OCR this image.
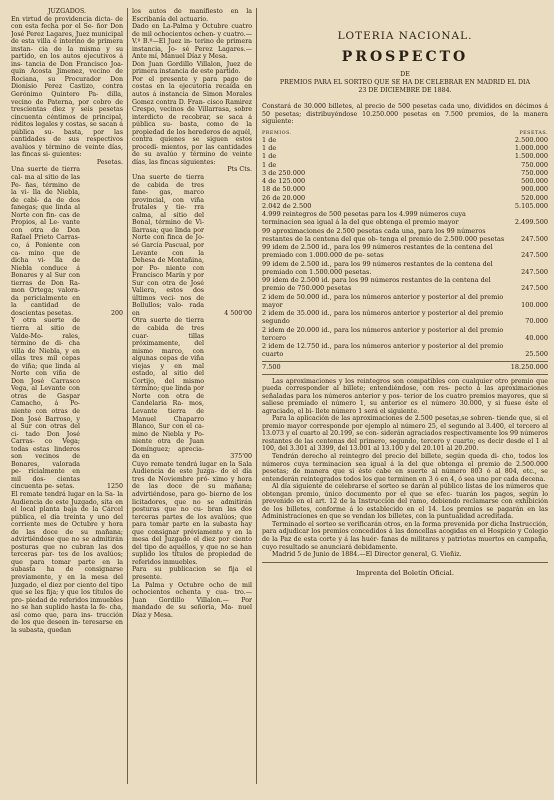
JUZGADOS.

En virtud de providencia dicta- de con esta fecha por el Se- ñor Don José Perez Lagares, Juez municipal de esta villa é interino de primera instan- cia de la misma y su partido, en los autos ejecutivos á ins- tancia de Don Francisco Joa- quin Acosta Jimenez, vecino de Rociana, su Procurador Don Dionisio Perez Castizo, contra Gerónimo Quintero Pa- dilla, vecino de Paterna, por cobro de trescientas diez y seis pesetas cincuenta céntimos de principal, réditos legales y costas, se sacan á pública su- basta, por las cantidades de sus respectivos avalúos y término de veinte días, las fincas si- guientes:

Pesetas.

Una suerte de tierra cal- ma al sitio de las Pe- ñas, término de la vi- lla de Niebla, de cabi- da de dos fanegas; que linda al Norte con fin- cas de Propios, al Le- vante con otra de Don Rafael Prieto Carras- co, á Poniente con ca- mino que de dicha vi- lla de Niebla conduce á Bonares y al Sur con tierras de Don Ra- mon Ortega; valora- da pericialmente en la cantidad de doscientas pesetas.	200

Y otra suerte de tierra al sitio de Valde-Mo- rales, término de di- cha villa de Niebla, y en ellas tres mil cepas de viña; que linda al Norte con viña de Don José Carrasco Vega, al Levante con otras de Gaspar Camacho, á Po- niente con otras de Don José Barroso, y al Sur con otras del ci- tado Don José Carras- co Vega; todas estas linderos son vecinos de Bonares, valorada pe- ricialmente en mil dos- cientas cincuenta pe- setas.	1250

El remate tendrá lugar en la Sa- la Audiencia de este Juzgado, sita en el local planta baja de la Cárcel pública, el día treinta y uno del corriente mes de Octubre y hora de las doce de su mañana; advirtiéndose que no se admitirán posturas que no cubran las dos terceras par- tes de los avalúos; que para tomar parte en la subasta ha de consignarse previamente, y en la mesa del Juzgado, el diez por ciento del tipo que se les fija; y que los títulos de pro- piedad de referidos inmuebles no se han suplido hasta la fe- cha, así como que, para ins- trucción de los que deseen in- teresarse en la subasta, quedan

los autos de manifiesto en la Escribanía del actuario.

Dado en La-Palma y Octubre cuatro de mil ochocientos ochen- y cuatro.—V.º B.º—El Juez in- terino de primera instancia, Jo- sé Perez Lagares.—Ante mí, Manuel Díaz y Mesa.

Don Juan Gordillo Villalon, Juez de primera instancia de este partido.

Por el presente y para pago de costas en la ejecutoria recaída en autos á instancia de Simon Morales Gomez contra D. Fran- cisco Ramirez Crespo, vecinos de Villarrasa, sobre interdicto de recobrar, se saca á pública su- basta, como de la propiedad de los herederos de aquél, contra quienes se siguen estos procedi- mientos, por las cantidades de su avalúo y término de veinte días, las fincas siguientes:

Pts Cts.

Una suerte de tierra de cabida de tres fane- gas, marco provincial, con viña frutales y tie- rra calma, al sitio del Bonal, término de Vi- llarrasa; que linda por Norte con finca de Jo- sé García Pascual, por Levante con la Dehesa de Montañina, por Po- niente con Francisco Marín y por Sur con otra de José Valiera, estos dos últimos veci- nos de Bollullos; valo- rada en	4 500'00

Otra suerte de tierra de cabida de tres cuar- tillas próximamente, del mismo marco, con algunas cepas de viña viejas y en mal estado, al sitio del Cortijo, del mismo término; que linda por Norte con otra de Candelaria Ra- mos, Levante tierra de Manuel Chaparro Blanco, Sur con el ca- mino de Niebla y Po- niente otra de Juan Domínguez; aprecia- da en	375'00

Cuyo remate tendrá lugar en la Sala Audiencia de este Juzga- do el día tres de Noviembre pró- ximo y hora de las doce de su mañana; advirtiéndose, para go- bierno de los licitadores, que no se admitirán posturas que no cu- bran las dos terceras partes de los avalúos; que para tomar parte en la subasta hay que consignar préviamente y en la mesa del Juzgado el diez por ciento del tipo de aquéllos, y que no se han suplido los títulos de propiedad de referidos inmuebles.

Para su publicacion se fija el presente.

La Palma y Octubre ocho de mil ochocientos ochenta y cua- tro.—Juan Gordillo Villalon.— Por mandado de su señoría, Ma- nuel Díaz y Mesa.

LOTERIA NACIONAL.
PROSPECTO
DE
PREMIOS PARA EL SORTEO QUE SE HA DE CELEBRAR EN MADRID EL DIA
23 DE DICIEMBRE DE 1884.
Constará de 30.000 billetes, al precio de 500 pesetas cada uno, divididos en décimos á 50 pesetas; distribuyéndose 10.250.000 pesetas en 7.500 premios, de la manera siguiente:
PREMIOS.	PESETAS.
1 de	2.500.000
1 de	1.000.000
1 de	1.500.000
1 de	750.000
3 de 250.000	750.000
4 de 125.000	500.000
18 de 50.000	900.000
26 de 20.000	520.000
2.042 de 2.500	5.105.000
4.999 reintegros de 500 pesetas para los 4.999 números cuya terminacion sea igual á la del que obtenga el premio mayor	2.499.500
99 aproximaciones de 2.500 pesetas cada una, para los 99 números restantes de la centena del que ob- tenga el premio de 2.500.000 pesetas	247.500
99 idem de 2.500 id., para los 99 números restantes de la centena del premiado con 1.000.000 de pe- setas	247.500
99 idem de 2.500 id., para los 99 números restantes de la centena del premiado con 1.500.000 pesetas.	247.500
99 idem de 2.500 id. para los 99 números restantes de la centena del premio de 750.000 pesetas	247.500
2 idem de 50.000 id., para los números anterior y posterior al del premio mayor	100.000
2 idem de 35.000 id., para los números anterior y posterior al del premio segundo	70.000
2 idem de 20.000 id., para los números anterior y posterior al del premio tercero	40.000
2 idem de 12.750 id., para los números anterior y posterior al del premio cuarto	25.500
7.500	18.250.000

Las aproximaciones y los reintegros son compatibles con cualquier otro premio que pueda corresponder al billete; entendiéndose, con res- pecto á las aproximaciones señaladas para los números anterior y pos- terior de los cuatro premios mayores, que si saliese premiado el número 1, su anterior es el número 30.000, y si fuese éste el agraciado, el bi- llete número 1 será el siguiente.

Para la aplicación de las aproximaciones de 2.500 pesetas,se sobren- tiende que, si el premio mayor corresponde por ejemplo al número 25, el segundo al 3.400, el tercero al 13.073 y el cuarto al 20.199, se con- siderán agraciados respectivamente los 99 números restantes de las centenas del primero, segundo, tercero y cuarto; es decir desde el 1 al 100, del 3.301 al 3399, del 13.001 al 13.100 y del 20.101 al 20.200.

Tendrán derecho al reintegro del precio del billete, según queda di- cho, todos los números cuya terminacion sea igual á la del que obtenga el premio de 2.500.000 pesetas; de manera que si éste cabe en suerte al número 803 ó al 804, etc., se entenderán reintegrados todos los que terminen en 3 ó en 4, ó sea uno por cada decena.

Al día siguiente de celebrarse el sorteo se darán al público listas de los números que obtengan premio, único documento por el que se efec- tuarán los pagos, según lo prevenido en el art. 12 de la Instrucción del ramo, debiendo reclamarse con exhibición de los billetes, conforme á lo establecido en el 14. Los premios se pagarán en las Administraciones en que se vendan los billetes, con la puntualidad acreditada.

Terminado el sorteo se verificarán otros, en la forma prevenida por dicha Instrucción, para adjudicar los premios concedidos á las doncellas acogidas en el Hospicio y Colegio de la Paz de esta corte y á las huér- fanas de militares y patriotas muertos en campaña, cuyo resultado se anunciará debidamente.

Madrid 5 de Junio de 1884.—El Director general, G. Vieñiz.

Imprenta del Boletín Oficial.
